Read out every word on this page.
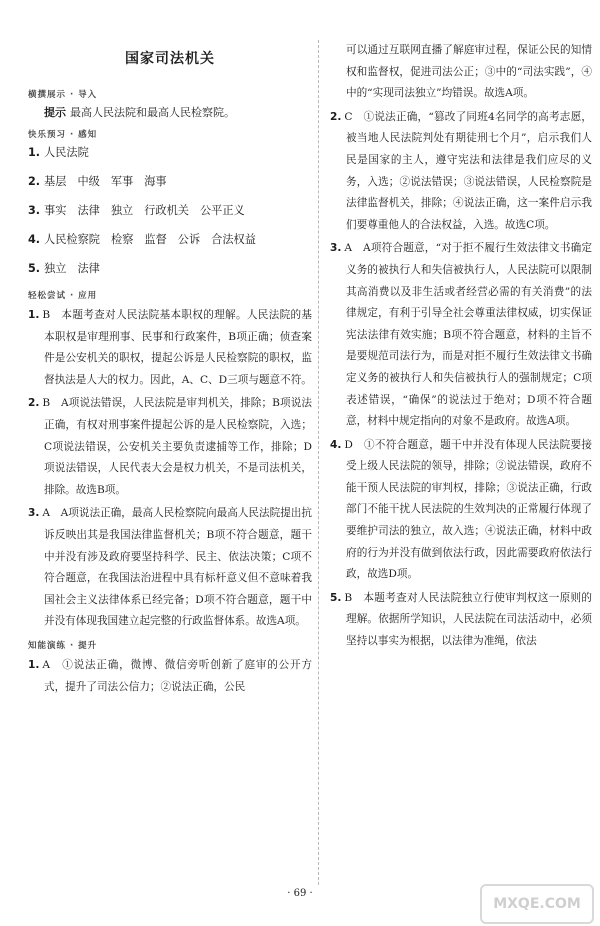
国家司法机关
横撰展示 · 导入
提示 最高人民法院和最高人民检察院。
快乐预习 · 感知
1. 人民法院
2. 基层 中级 军事 海事
3. 事实 法律 独立 行政机关 公平正义
4. 人民检察院 检察 监督 公诉 合法权益
5. 独立 法律
轻松尝试 · 应用
1. B　本题考查对人民法院基本职权的理解。人民法院的基本职权是审理刑事、民事和行政案件，B项正确；侦查案件是公安机关的职权，提起公诉是人民检察院的职权，监督执法是人大的权力。因此，A、C、D三项与题意不符。
2. B　A项说法错误，人民法院是审判机关，排除；B项说法正确，有权对刑事案件提起公诉的是人民检察院，入选；C项说法错误，公安机关主要负责逮捕等工作，排除；D项说法错误，人民代表大会是权力机关，不是司法机关，排除。故选B项。
3. A　A项说法正确，最高人民检察院向最高人民法院提出抗诉反映出其是我国法律监督机关；B项不符合题意，题干中并没有涉及政府要坚持科学、民主、依法决策；C项不符合题意，在我国法治进程中具有标杆意义但不意味着我国社会主义法律体系已经完备；D项不符合题意，题干中并没有体现我国建立起完整的行政监督体系。故选A项。
知能演练 · 提升
1. A　①说法正确，微博、微信旁听创新了庭审的公开方式，提升了司法公信力；②说法正确，公民
可以通过互联网直播了解庭审过程，保证公民的知情权和监督权，促进司法公正；③中的“司法实践”，④中的“实现司法独立”均错误。故选A项。
2. C　①说法正确，“篡改了同班4名同学的高考志愿，被当地人民法院判处有期徒刑七个月”，启示我们人民是国家的主人，遵守宪法和法律是我们应尽的义务，入选；②说法错误；③说法错误，人民检察院是法律监督机关，排除；④说法正确，这一案件启示我们要尊重他人的合法权益，入选。故选C项。
3. A　A项符合题意，“对于拒不履行生效法律文书确定义务的被执行人和失信被执行人，人民法院可以限制其高消费以及非生活或者经营必需的有关消费”的法律规定，有利于引导全社会尊重法律权威，切实保证宪法法律有效实施；B项不符合题意，材料的主旨不是要规范司法行为，而是对拒不履行生效法律文书确定义务的被执行人和失信被执行人的强制规定；C项表述错误，“确保”的说法过于绝对；D项不符合题意，材料中规定指向的对象不是政府。故选A项。
4. D　①不符合题意，题干中并没有体现人民法院要接受上级人民法院的领导，排除；②说法错误，政府不能干预人民法院的审判权，排除；③说法正确，行政部门不能干扰人民法院的生效判决的正常履行体现了要维护司法的独立，故入选；④说法正确，材料中政府的行为并没有做到依法行政，因此需要政府依法行政，故选D项。
5. B　本题考查对人民法院独立行使审判权这一原则的理解。依据所学知识，人民法院在司法活动中，必须坚持以事实为根据，以法律为准绳，依法
· 69 ·
MXQE.COM
